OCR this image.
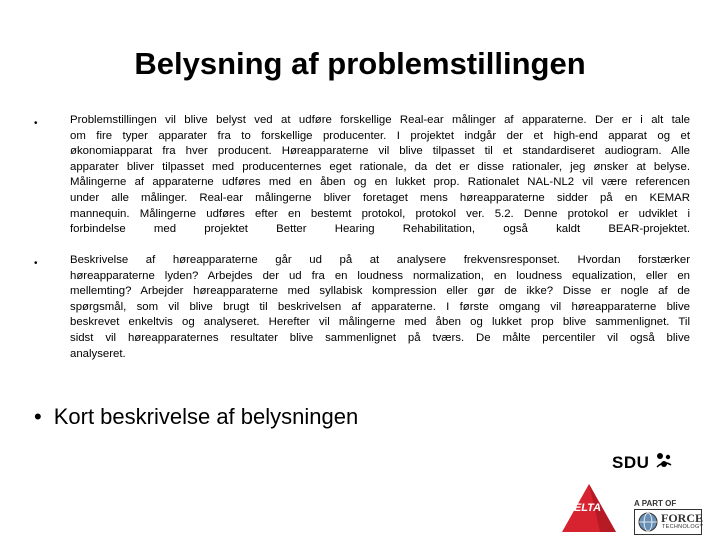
Belysning af problemstillingen
•	Problemstillingen vil blive belyst ved at udføre forskellige Real-ear målinger af apparaterne. Der er i alt tale
om fire typer apparater fra to forskellige producenter. I projektet indgår der et high-end apparat og et
økonomiapparat fra hver producent. Høreapparaterne vil blive tilpasset til et standardiseret audiogram. Alle
apparater bliver tilpasset med producenternes eget rationale, da det er disse rationaler, jeg ønsker at belyse.
Målingerne af apparaterne udføres med en åben og en lukket prop. Rationalet NAL-NL2 vil være referencen
under alle målinger. Real-ear målingerne bliver foretaget mens høreapparaterne sidder på en KEMAR
mannequin. Målingerne udføres efter en bestemt protokol, protokol ver. 5.2. Denne protokol er udviklet i
forbindelse med projektet Better Hearing Rehabilitation, også kaldt BEAR-projektet.
•	Beskrivelse af høreapparaterne går ud på at analysere frekvensresponset. Hvordan forstærker
høreapparaterne lyden? Arbejdes der ud fra en loudness normalization, en loudness equalization, eller en
mellemting? Arbejder høreapparaterne med syllabisk kompression eller gør de ikke? Disse er nogle af de
spørgsmål, som vil blive brugt til beskrivelsen af apparaterne. I første omgang vil høreapparaterne blive
beskrevet enkeltvis og analyseret. Herefter vil målingerne med åben og lukket prop blive sammenlignet. Til
sidst vil høreapparaternes resultater blive sammenlignet på tværs. De målte percentiler vil også blive
analyseret.
• Kort beskrivelse af belysningen
SDU
DELTA	A PART OF
FORCE
TECHNOLOGY
